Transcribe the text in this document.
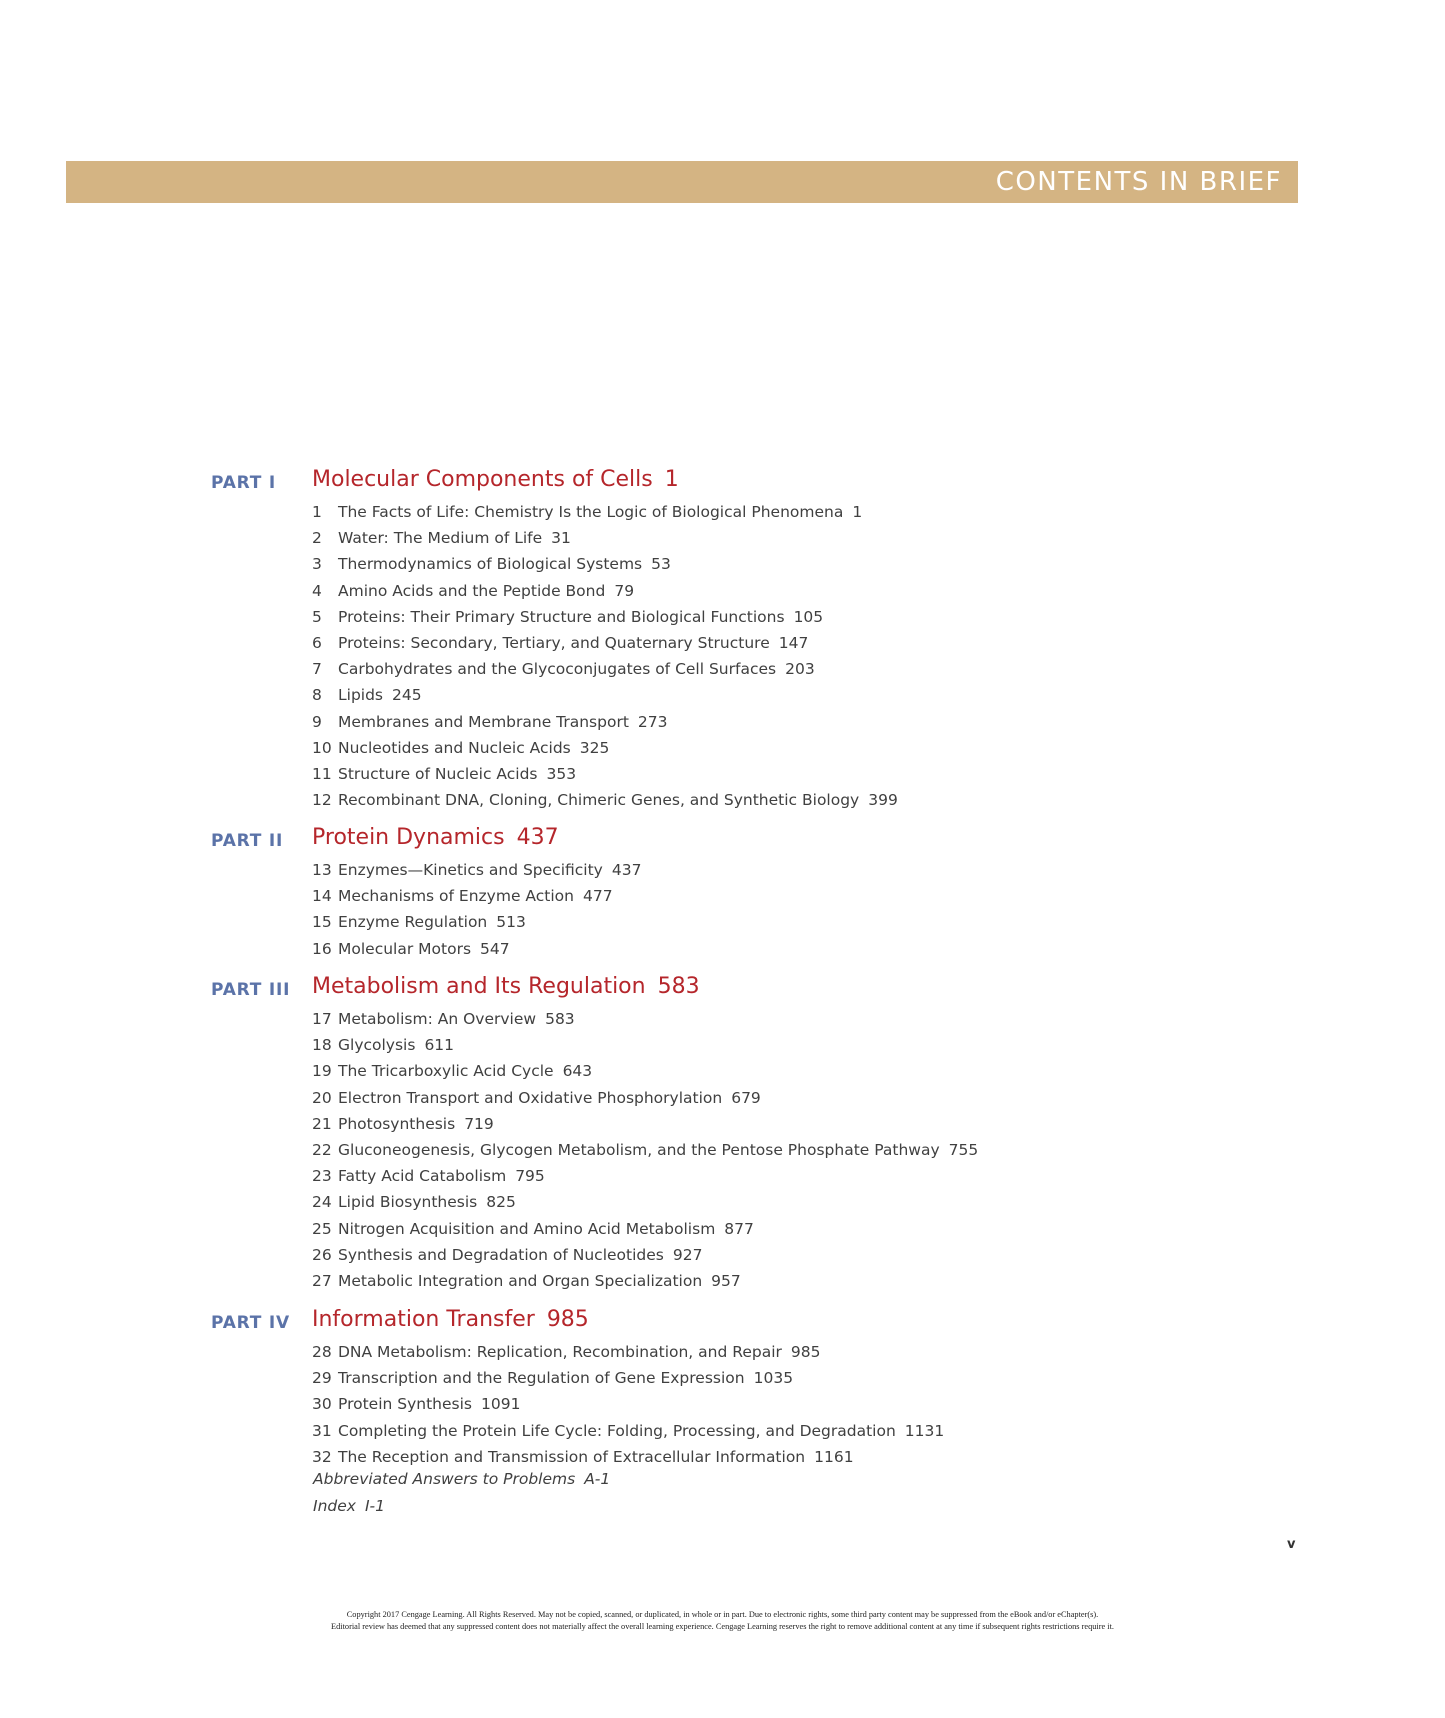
CONTENTS IN BRIEF
PART I Molecular Components of Cells 1
1 The Facts of Life: Chemistry Is the Logic of Biological Phenomena 1
2 Water: The Medium of Life 31
3 Thermodynamics of Biological Systems 53
4 Amino Acids and the Peptide Bond 79
5 Proteins: Their Primary Structure and Biological Functions 105
6 Proteins: Secondary, Tertiary, and Quaternary Structure 147
7 Carbohydrates and the Glycoconjugates of Cell Surfaces 203
8 Lipids 245
9 Membranes and Membrane Transport 273
10 Nucleotides and Nucleic Acids 325
11 Structure of Nucleic Acids 353
12 Recombinant DNA, Cloning, Chimeric Genes, and Synthetic Biology 399
PART II Protein Dynamics 437
13 Enzymes—Kinetics and Specificity 437
14 Mechanisms of Enzyme Action 477
15 Enzyme Regulation 513
16 Molecular Motors 547
PART III Metabolism and Its Regulation 583
17 Metabolism: An Overview 583
18 Glycolysis 611
19 The Tricarboxylic Acid Cycle 643
20 Electron Transport and Oxidative Phosphorylation 679
21 Photosynthesis 719
22 Gluconeogenesis, Glycogen Metabolism, and the Pentose Phosphate Pathway 755
23 Fatty Acid Catabolism 795
24 Lipid Biosynthesis 825
25 Nitrogen Acquisition and Amino Acid Metabolism 877
26 Synthesis and Degradation of Nucleotides 927
27 Metabolic Integration and Organ Specialization 957
PART IV Information Transfer 985
28 DNA Metabolism: Replication, Recombination, and Repair 985
29 Transcription and the Regulation of Gene Expression 1035
30 Protein Synthesis 1091
31 Completing the Protein Life Cycle: Folding, Processing, and Degradation 1131
32 The Reception and Transmission of Extracellular Information 1161
Abbreviated Answers to Problems A-1
Index I-1
v
Copyright 2017 Cengage Learning. All Rights Reserved. May not be copied, scanned, or duplicated, in whole or in part. Due to electronic rights, some third party content may be suppressed from the eBook and/or eChapter(s).
Editorial review has deemed that any suppressed content does not materially affect the overall learning experience. Cengage Learning reserves the right to remove additional content at any time if subsequent rights restrictions require it.
